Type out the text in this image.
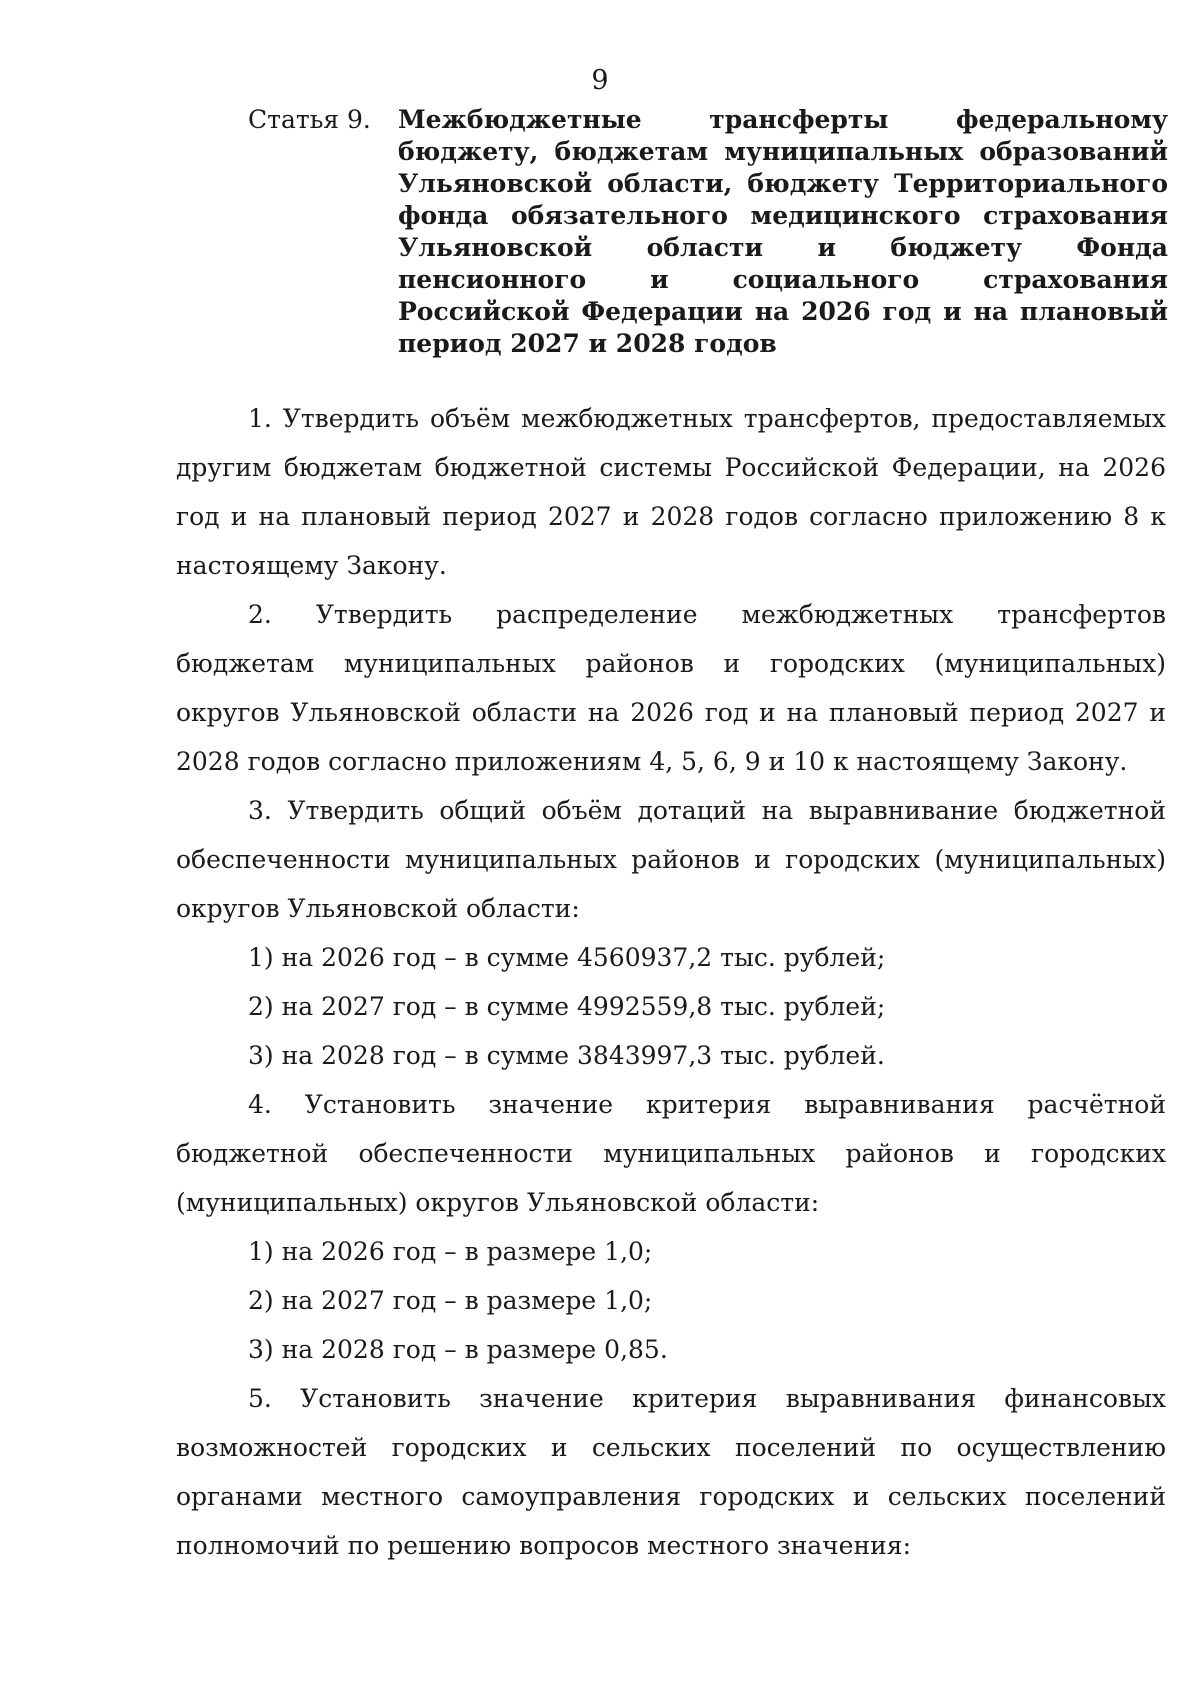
9
Статья 9.	Межбюджетные трансферты федеральному бюджету, бюджетам муниципальных образований Ульяновской области, бюджету Территориального фонда обязательного медицинского страхования Ульяновской области и бюджету Фонда пенсионного и социального страхования Российской Федерации на 2026 год и на плановый период 2027 и 2028 годов

1. Утвердить объём межбюджетных трансфертов, предоставляемых другим бюджетам бюджетной системы Российской Федерации, на 2026 год и на плановый период 2027 и 2028 годов согласно приложению 8 к настоящему Закону.

2. Утвердить распределение межбюджетных трансфертов бюджетам муниципальных районов и городских (муниципальных) округов Ульяновской области на 2026 год и на плановый период 2027 и 2028 годов согласно приложениям 4, 5, 6, 9 и 10 к настоящему Закону.

3. Утвердить общий объём дотаций на выравнивание бюджетной обеспеченности муниципальных районов и городских (муниципальных) округов Ульяновской области:

1) на 2026 год – в сумме 4560937,2 тыс. рублей;

2) на 2027 год – в сумме 4992559,8 тыс. рублей;

3) на 2028 год – в сумме 3843997,3 тыс. рублей.

4. Установить значение критерия выравнивания расчётной бюджетной обеспеченности муниципальных районов и городских (муниципальных) округов Ульяновской области:

1) на 2026 год – в размере 1,0;

2) на 2027 год – в размере 1,0;

3) на 2028 год – в размере 0,85.

5. Установить значение критерия выравнивания финансовых возможностей городских и сельских поселений по осуществлению органами местного самоуправления городских и сельских поселений полномочий по решению вопросов местного значения:
